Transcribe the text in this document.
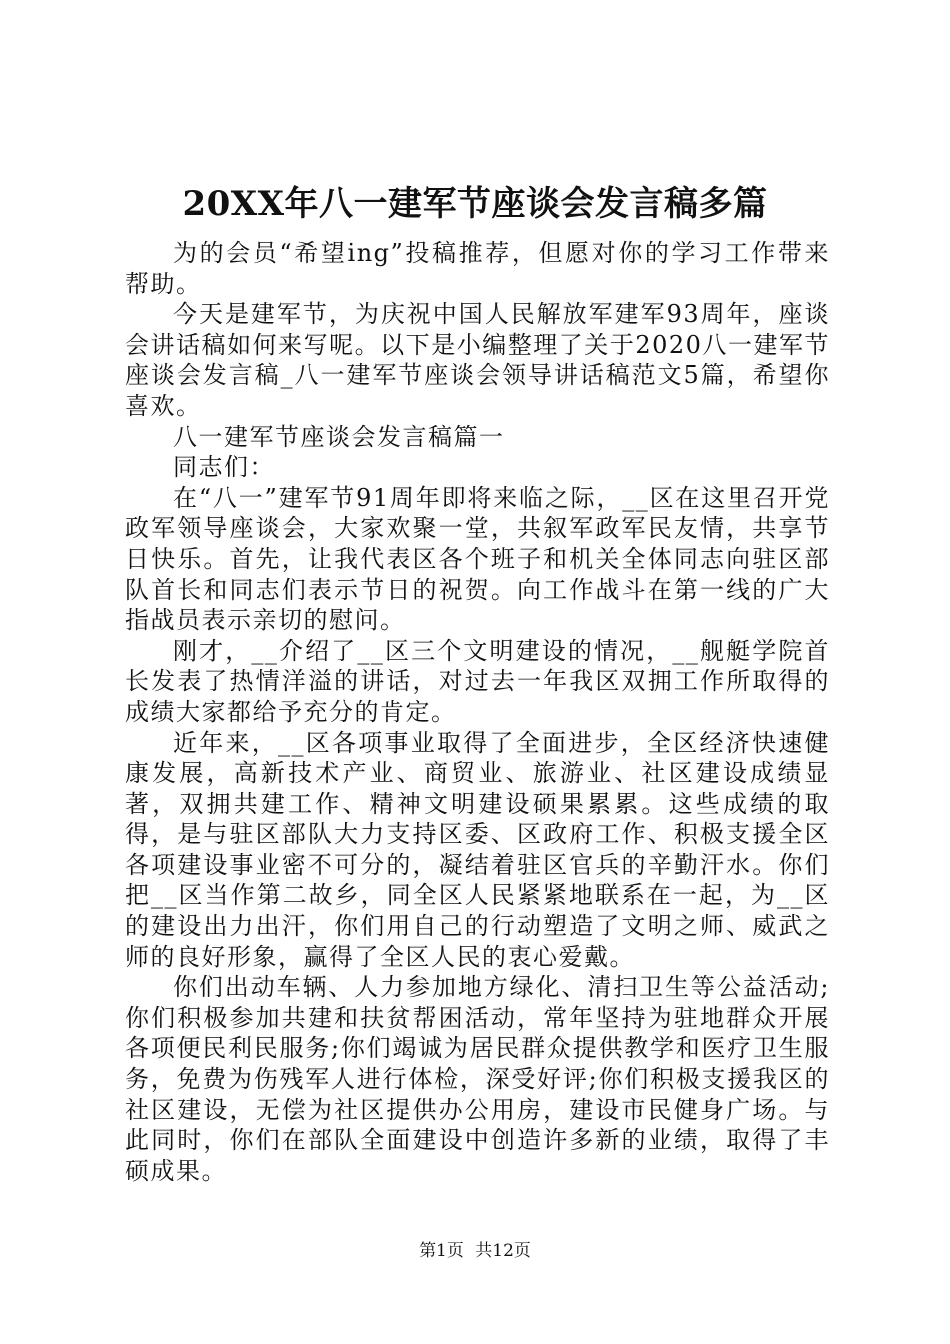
20XX年八一建军节座谈会发言稿多篇

为的会员“希望ing”投稿推荐，但愿对你的学习工作带来帮助。

今天是建军节，为庆祝中国人民解放军建军93周年，座谈会讲话稿如何来写呢。以下是小编整理了关于2020八一建军节座谈会发言稿_八一建军节座谈会领导讲话稿范文5篇，希望你喜欢。

八一建军节座谈会发言稿篇一

同志们：

在“八一”建军节91周年即将来临之际，__区在这里召开党政军领导座谈会，大家欢聚一堂，共叙军政军民友情，共享节日快乐。首先，让我代表区各个班子和机关全体同志向驻区部队首长和同志们表示节日的祝贺。向工作战斗在第一线的广大指战员表示亲切的慰问。

刚才，__介绍了__区三个文明建设的情况，__舰艇学院首长发表了热情洋溢的讲话，对过去一年我区双拥工作所取得的成绩大家都给予充分的肯定。

近年来，__区各项事业取得了全面进步，全区经济快速健康发展，高新技术产业、商贸业、旅游业、社区建设成绩显著，双拥共建工作、精神文明建设硕果累累。这些成绩的取得，是与驻区部队大力支持区委、区政府工作、积极支援全区各项建设事业密不可分的，凝结着驻区官兵的辛勤汗水。你们把__区当作第二故乡，同全区人民紧紧地联系在一起，为__区的建设出力出汗，你们用自己的行动塑造了文明之师、威武之师的良好形象，赢得了全区人民的衷心爱戴。

你们出动车辆、人力参加地方绿化、清扫卫生等公益活动;你们积极参加共建和扶贫帮困活动，常年坚持为驻地群众开展各项便民利民服务;你们竭诚为居民群众提供教学和医疗卫生服务，免费为伤残军人进行体检，深受好评;你们积极支援我区的社区建设，无偿为社区提供办公用房，建设市民健身广场。与此同时，你们在部队全面建设中创造许多新的业绩，取得了丰硕成果。

第1页 共12页
